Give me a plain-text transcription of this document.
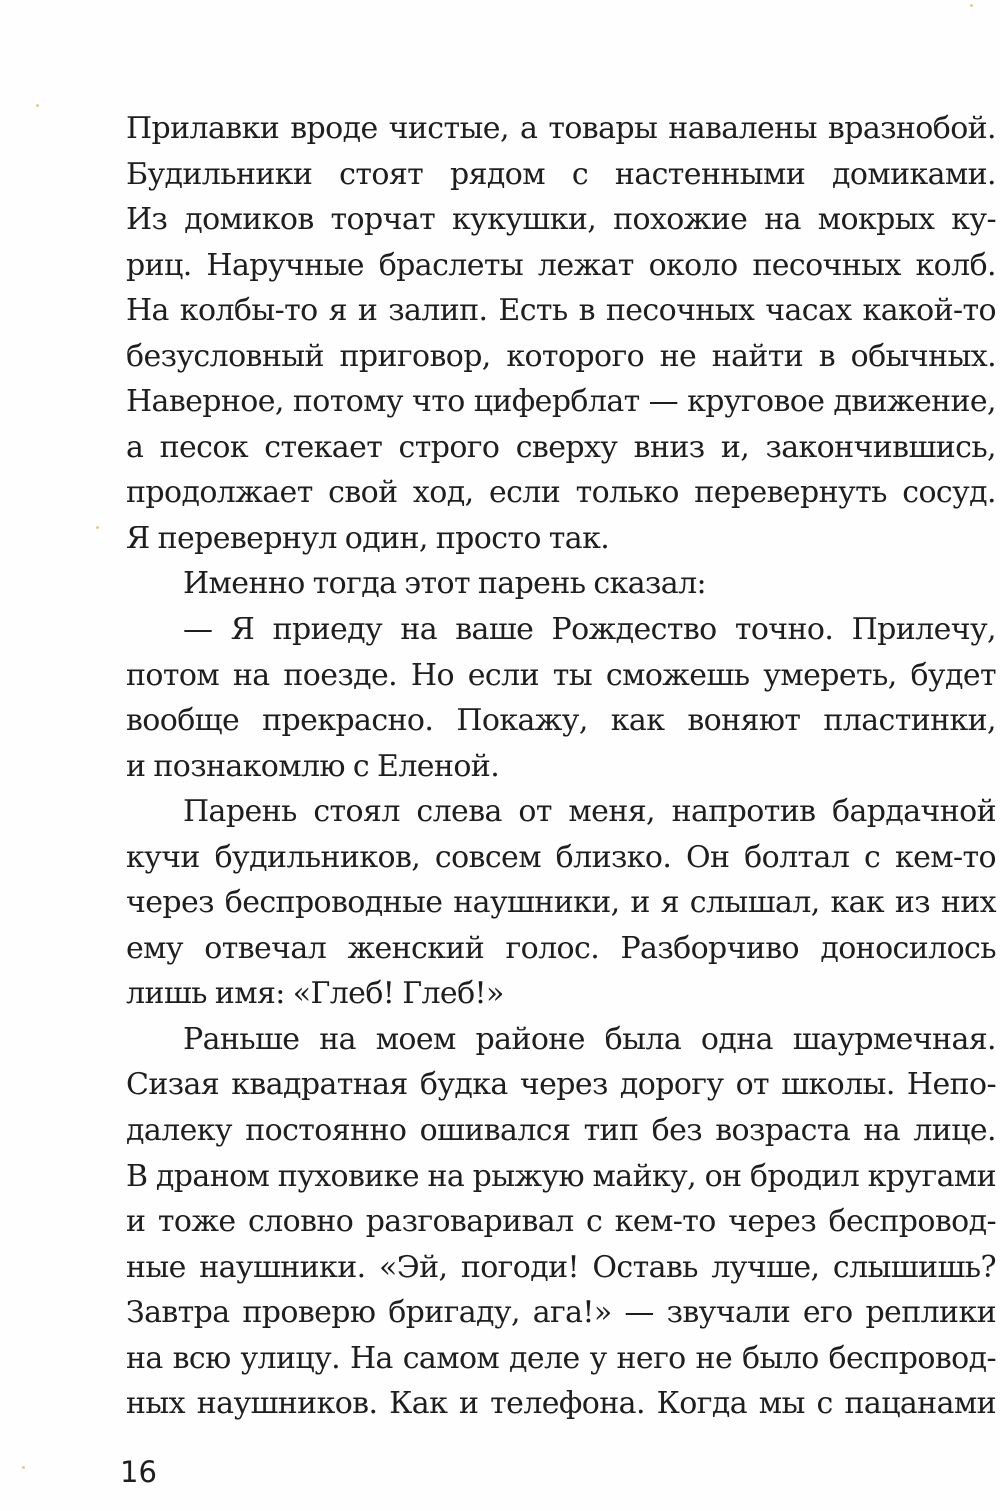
Прилавки вроде чистые, а товары навалены вразнобой.
Будильники стоят рядом с настенными домиками.
Из домиков торчат кукушки, похожие на мокрых ку-
риц. Наручные браслеты лежат около песочных колб.
На колбы-то я и залип. Есть в песочных часах какой-то
безусловный приговор, которого не найти в обычных.
Наверное, потому что циферблат — круговое движение,
а песок стекает строго сверху вниз и, закончившись,
продолжает свой ход, если только перевернуть сосуд.
Я перевернул один, просто так.
Именно тогда этот парень сказал:
— Я приеду на ваше Рождество точно. Прилечу,
потом на поезде. Но если ты сможешь умереть, будет
вообще прекрасно. Покажу, как воняют пластинки,
и познакомлю с Еленой.
Парень стоял слева от меня, напротив бардачной
кучи будильников, совсем близко. Он болтал с кем-то
через беспроводные наушники, и я слышал, как из них
ему отвечал женский голос. Разборчиво доносилось
лишь имя: «Глеб! Глеб!»
Раньше на моем районе была одна шаурмечная.
Сизая квадратная будка через дорогу от школы. Непо-
далеку постоянно ошивался тип без возраста на лице.
В драном пуховике на рыжую майку, он бродил кругами
и тоже словно разговаривал с кем-то через беспровод-
ные наушники. «Эй, погоди! Оставь лучше, слышишь?
Завтра проверю бригаду, ага!» — звучали его реплики
на всю улицу. На самом деле у него не было беспровод-
ных наушников. Как и телефона. Когда мы с пацанами
16
